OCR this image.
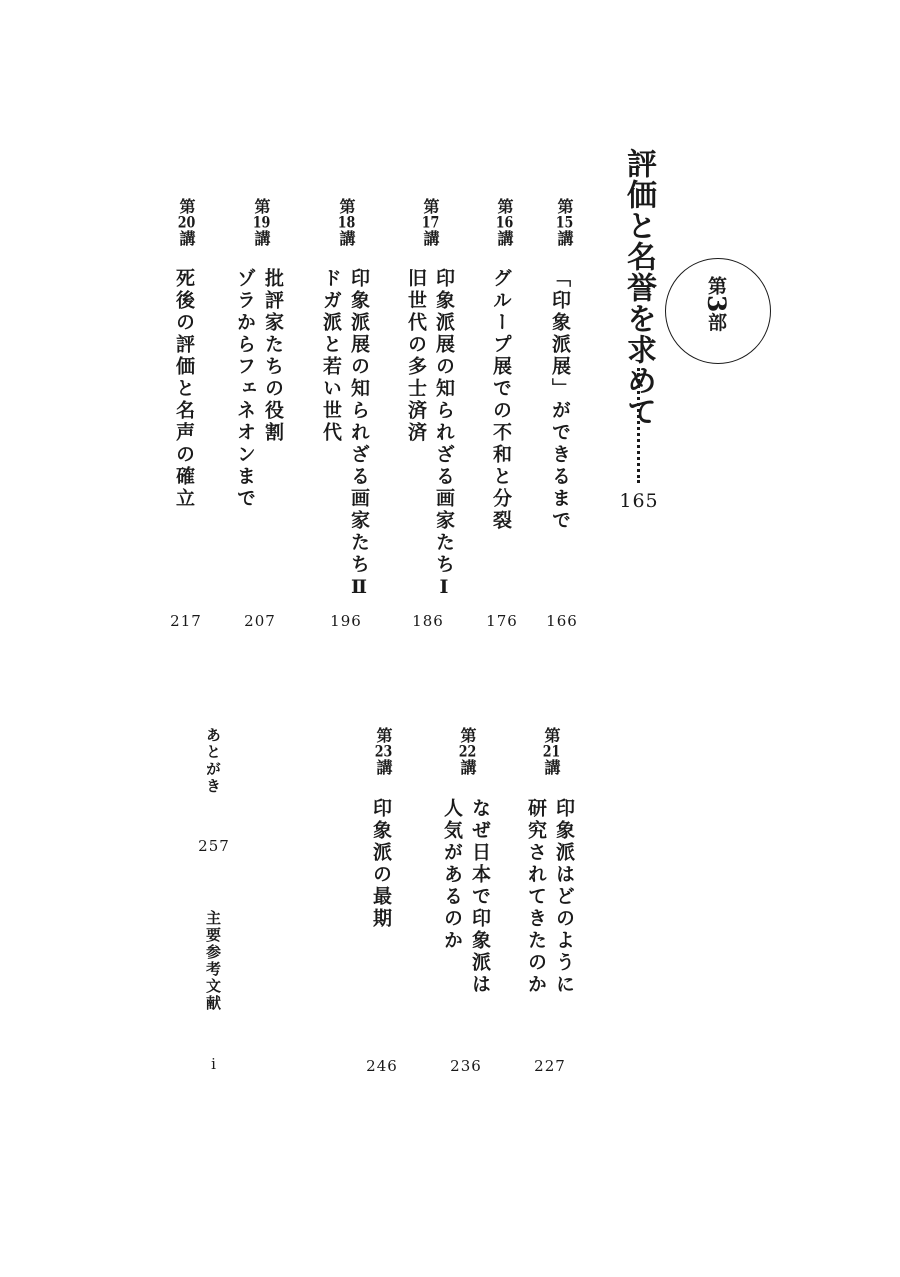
第3部
評価と名誉を求めて
165
第15講
「印象派展」ができるまで
166
第16講
グループ展での不和と分裂
176
第17講
印象派展の知られざる画家たちⅠ
旧世代の多士済済
186
第18講
印象派展の知られざる画家たちⅡ
ドガ派と若い世代
196
第19講
批評家たちの役割
ゾラからフェネオンまで
207
第20講
死後の評価と名声の確立
217
第21講
印象派はどのように
研究されてきたのか
227
第22講
なぜ日本で印象派は
人気があるのか
236
第23講
印象派の最期
246
あとがき
257
主要参考文献
i
